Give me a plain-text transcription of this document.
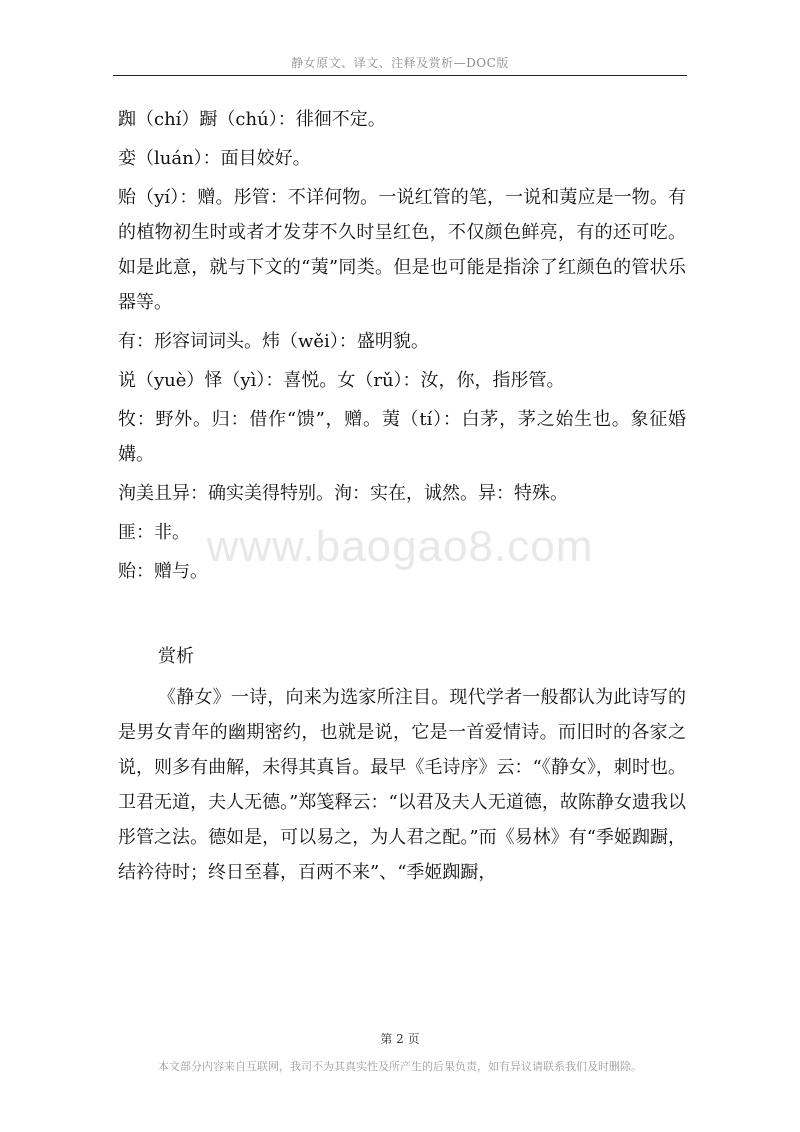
静女原文、译文、注释及赏析—DOC版

踟（chí）蹰（chú）：徘徊不定。

娈（luán）：面目姣好。

贻（yí）：赠。彤管：不详何物。一说红管的笔，一说和荑应是一物。有的植物初生时或者才发芽不久时呈红色，不仅颜色鲜亮，有的还可吃。如是此意，就与下文的“荑”同类。但是也可能是指涂了红颜色的管状乐器等。

有：形容词词头。炜（wěi）：盛明貌。

说（yuè）怿（yì）：喜悦。女（rǔ）：汝，你，指彤管。

牧：野外。归：借作“馈”，赠。荑（tí）：白茅，茅之始生也。象征婚媾。

洵美且异：确实美得特别。洵：实在，诚然。异：特殊。

匪：非。

贻：赠与。

赏析

《静女》一诗，向来为选家所注目。现代学者一般都认为此诗写的是男女青年的幽期密约，也就是说，它是一首爱情诗。而旧时的各家之说，则多有曲解，未得其真旨。最早《毛诗序》云：“《静女》，刺时也。卫君无道，夫人无德。”郑笺释云：“以君及夫人无道德，故陈静女遗我以彤管之法。德如是，可以易之，为人君之配。”而《易林》有“季姬踟蹰，结衿待时；终日至暮，百两不来”、“季姬踟蹰，

www.baogao8.com
第 2 页
本文部分内容来自互联网，我司不为其真实性及所产生的后果负责，如有异议请联系我们及时删除。
